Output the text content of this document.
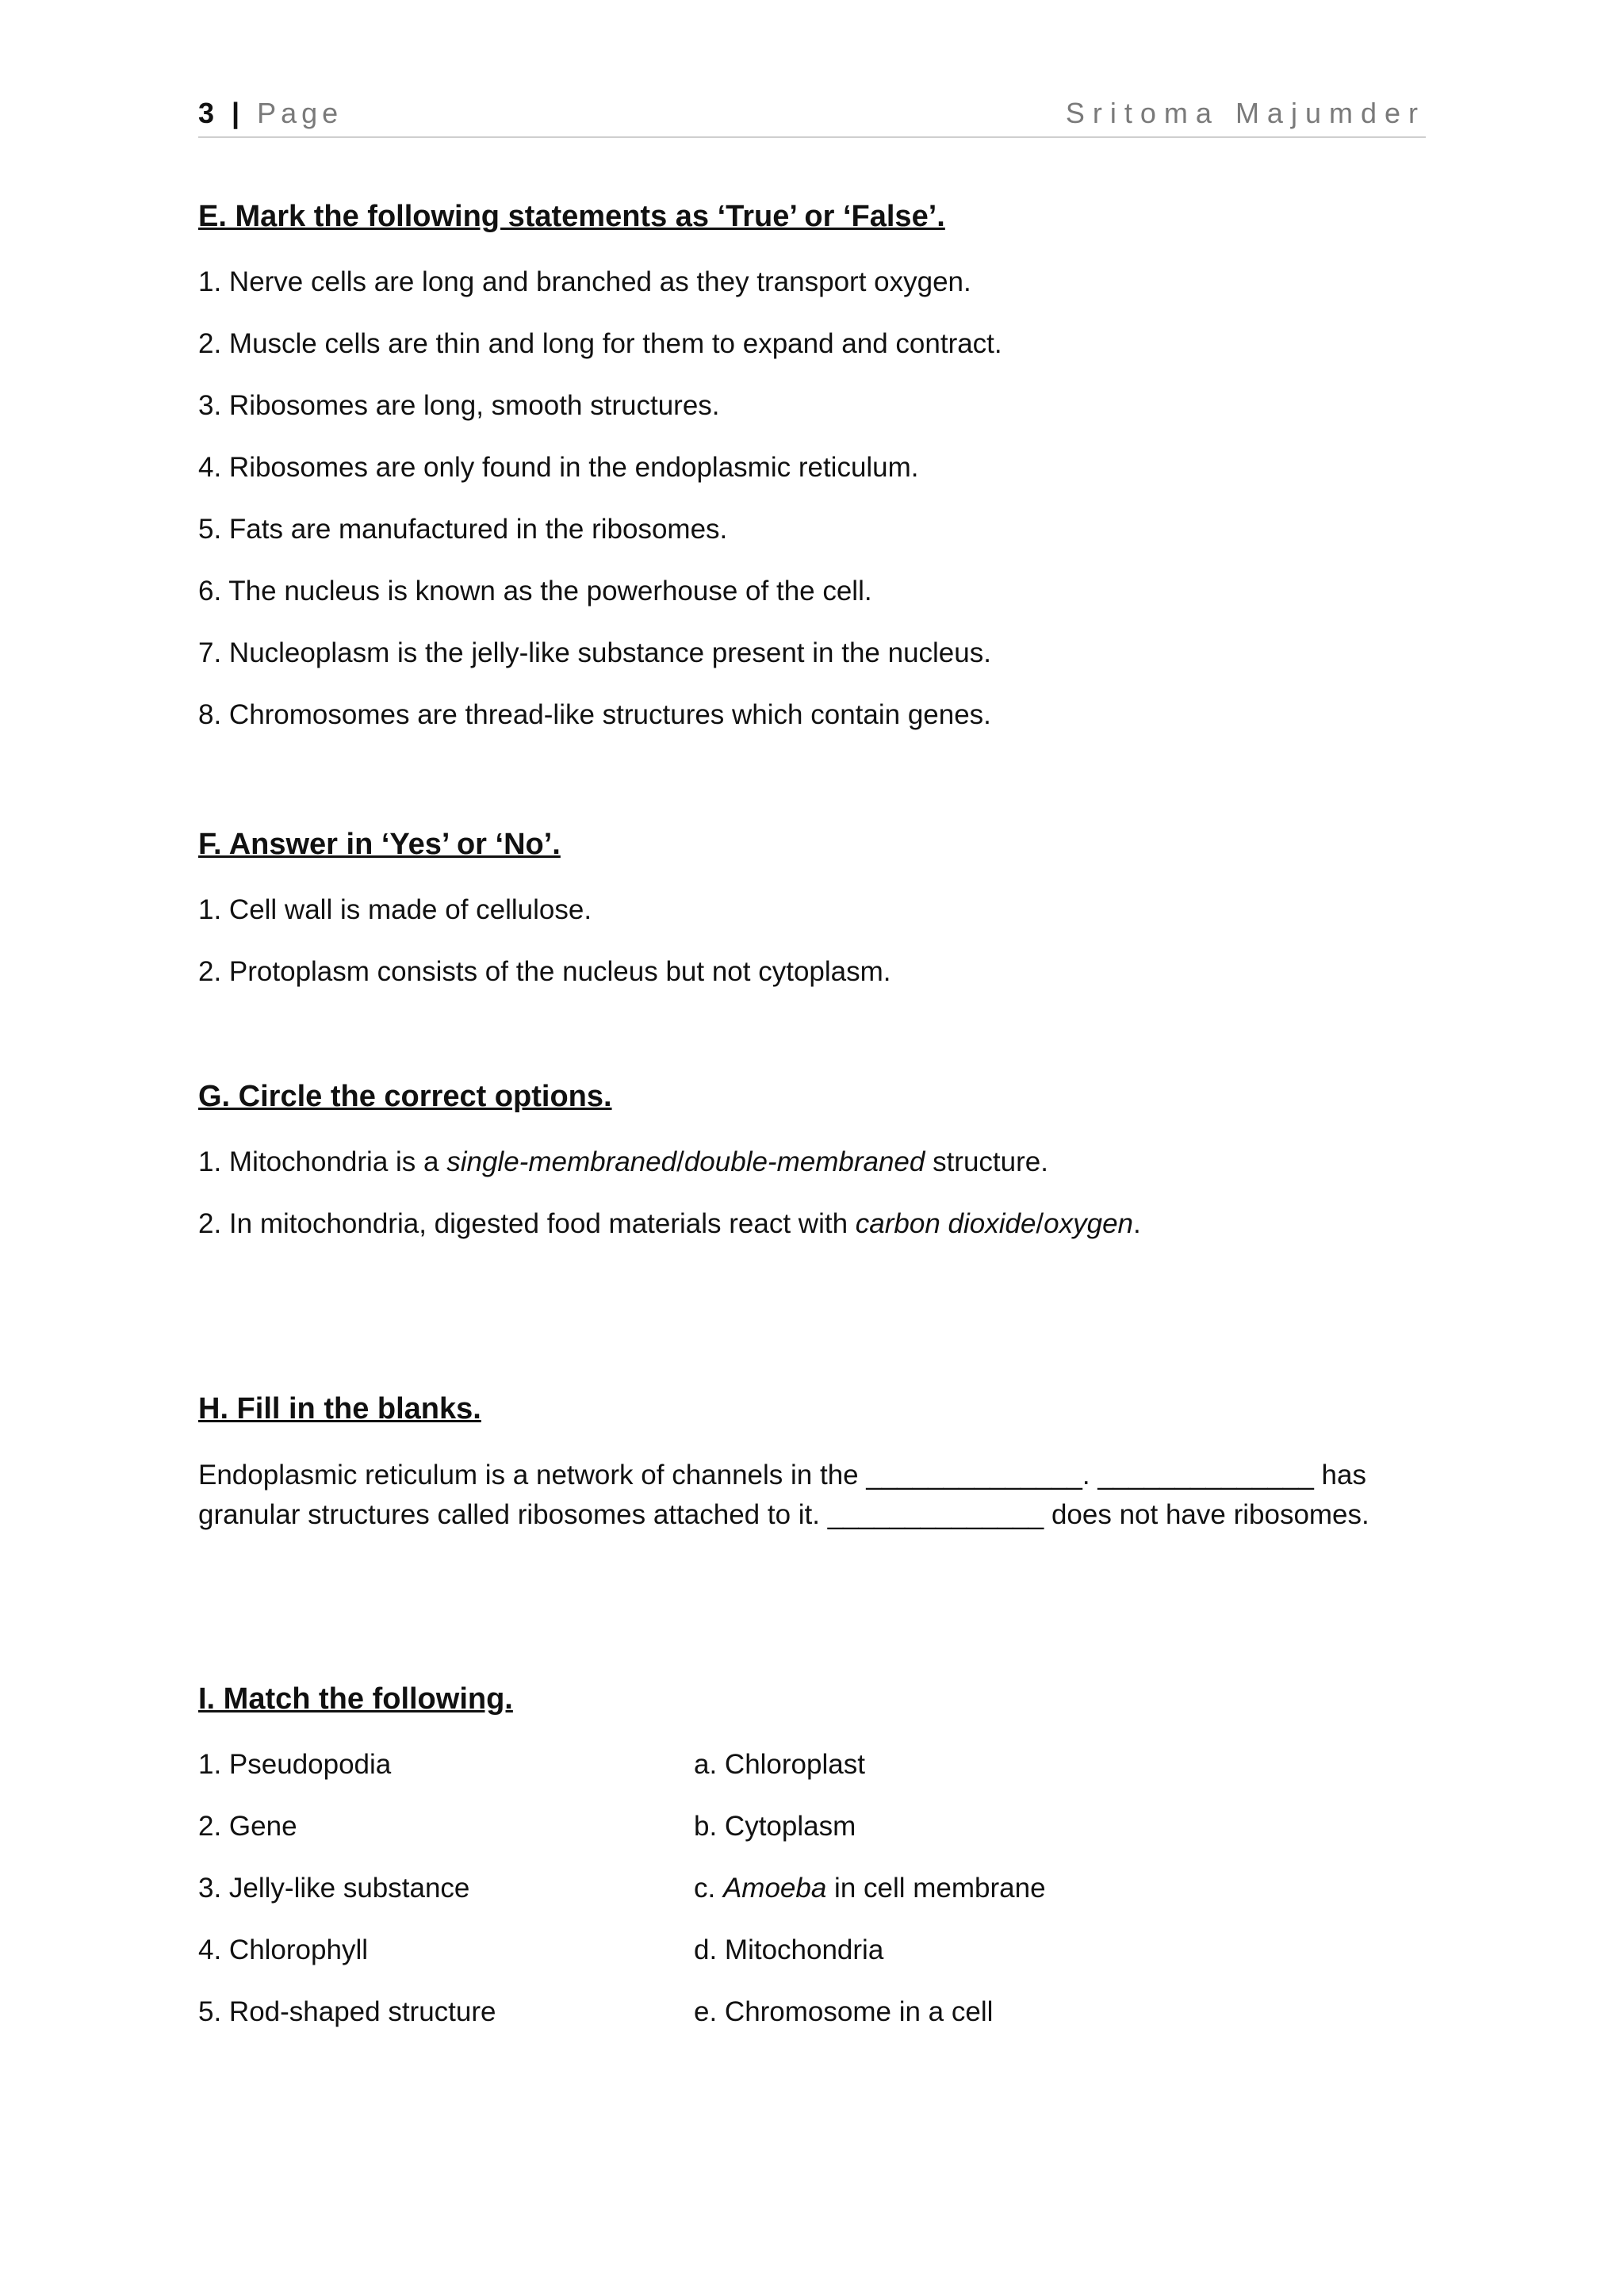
3 | Page	Sritoma Majumder
E. Mark the following statements as ‘True’ or ‘False’.
1. Nerve cells are long and branched as they transport oxygen.
2. Muscle cells are thin and long for them to expand and contract.
3. Ribosomes are long, smooth structures.
4. Ribosomes are only found in the endoplasmic reticulum.
5. Fats are manufactured in the ribosomes.
6. The nucleus is known as the powerhouse of the cell.
7. Nucleoplasm is the jelly-like substance present in the nucleus.
8. Chromosomes are thread-like structures which contain genes.
F. Answer in ‘Yes’ or ‘No’.
1. Cell wall is made of cellulose.
2. Protoplasm consists of the nucleus but not cytoplasm.
G. Circle the correct options.
1. Mitochondria is a single-membraned/double-membraned structure.
2. In mitochondria, digested food materials react with carbon dioxide/oxygen.
H. Fill in the blanks.
Endoplasmic reticulum is a network of channels in the ______________. ______________ has granular structures called ribosomes attached to it. ______________ does not have ribosomes.
I. Match the following.
1. Pseudopodia
2. Gene
3. Jelly-like substance
4. Chlorophyll
5. Rod-shaped structure
a. Chloroplast
b. Cytoplasm
c. Amoeba in cell membrane
d. Mitochondria
e. Chromosome in a cell
